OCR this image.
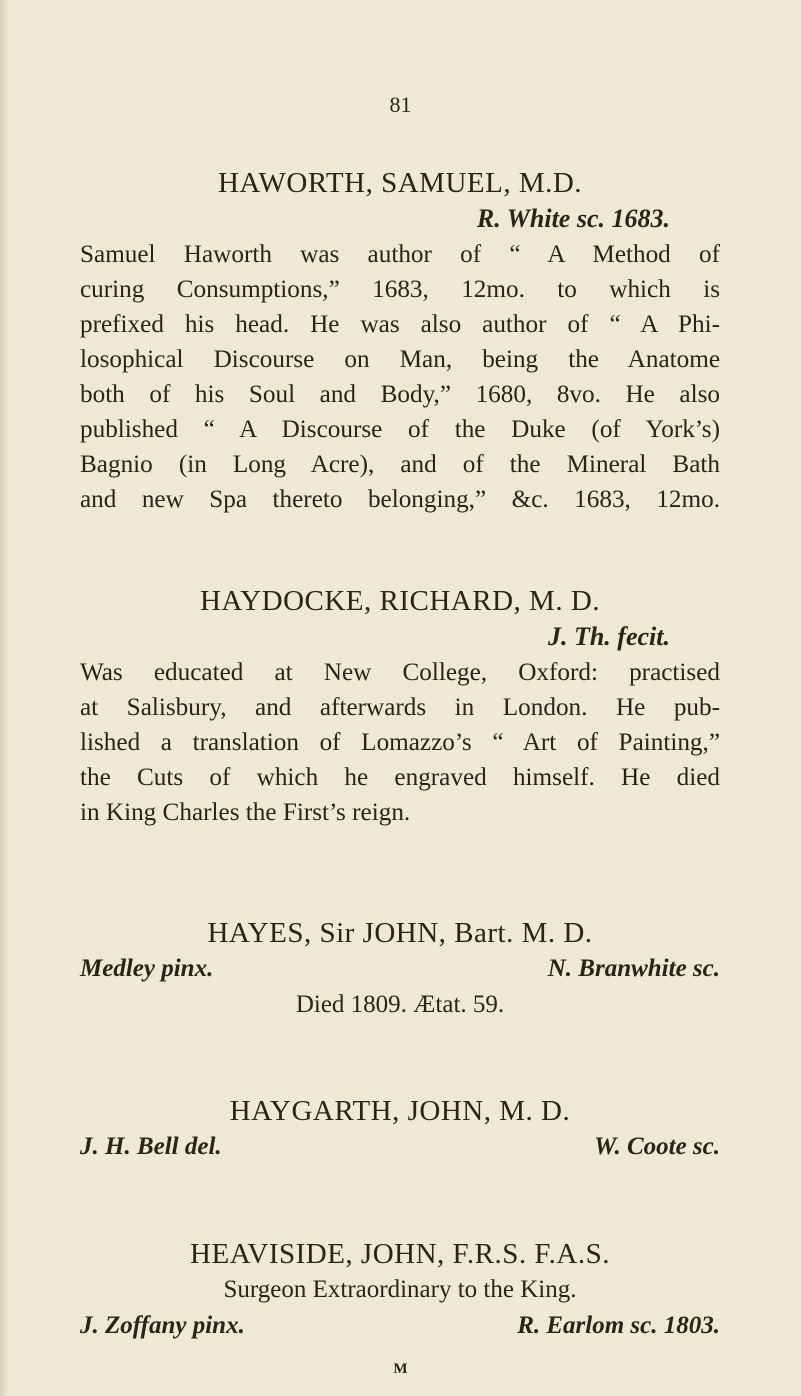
81
HAWORTH, SAMUEL, M.D.
R. White sc. 1683.
Samuel Haworth was author of “ A Method of
curing Consumptions,” 1683, 12mo. to which is
prefixed his head. He was also author of “ A Phi-
losophical Discourse on Man, being the Anatome
both of his Soul and Body,” 1680, 8vo. He also
published “ A Discourse of the Duke (of York’s)
Bagnio (in Long Acre), and of the Mineral Bath
and new Spa thereto belonging,” &c. 1683, 12mo.
HAYDOCKE, RICHARD, M. D.
J. Th. fecit.
Was educated at New College, Oxford: practised
at Salisbury, and afterwards in London. He pub-
lished a translation of Lomazzo’s “ Art of Painting,”
the Cuts of which he engraved himself. He died
in King Charles the First’s reign.
HAYES, Sir JOHN, Bart. M. D.
Medley pinx.	N. Branwhite sc.
Died 1809. Ætat. 59.
HAYGARTH, JOHN, M. D.
J. H. Bell del.	W. Coote sc.
HEAVISIDE, JOHN, F.R.S. F.A.S.
Surgeon Extraordinary to the King.
J. Zoffany pinx.	R. Earlom sc. 1803.
M
